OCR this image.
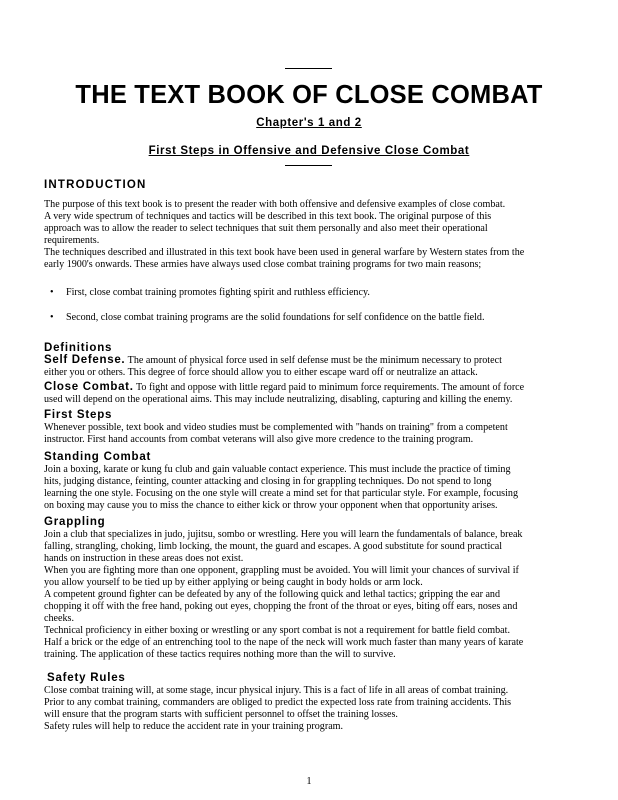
THE TEXT BOOK OF CLOSE COMBAT

Chapter's 1 and 2

First Steps in Offensive and Defensive Close Combat

INTRODUCTION

The purpose of this text book is to present the reader with both offensive and defensive examples of close combat.

A very wide spectrum of techniques and tactics will be described in this text book. The original purpose of this

approach was to allow the reader to select techniques that suit them personally and also meet their operational

requirements.

The techniques described and illustrated in this text book have been used in general warfare by Western states from the

early 1900's onwards. These armies have always used close combat training programs for two main reasons;

• First, close combat training promotes fighting spirit and ruthless efficiency.
• Second, close combat training programs are the solid foundations for self confidence on the battle field.
Definitions

Self Defense. The amount of physical force used in self defense must be the minimum necessary to protect

either you or others. This degree of force should allow you to either escape ward off or neutralize an attack.

Close Combat. To fight and oppose with little regard paid to minimum force requirements. The amount of force

used will depend on the operational aims. This may include neutralizing, disabling, capturing and killing the enemy.

First Steps

Whenever possible, text book and video studies must be complemented with "hands on training" from a competent

instructor. First hand accounts from combat veterans will also give more credence to the training program.

Standing Combat

Join a boxing, karate or kung fu club and gain valuable contact experience. This must include the practice of timing

hits, judging distance, feinting, counter attacking and closing in for grappling techniques. Do not spend to long

learning the one style. Focusing on the one style will create a mind set for that particular style. For example, focusing

on boxing may cause you to miss the chance to either kick or throw your opponent when that opportunity arises.

Grappling

Join a club that specializes in judo, jujitsu, sombo or wrestling. Here you will learn the fundamentals of balance, break

falling, strangling, choking, limb locking, the mount, the guard and escapes. A good substitute for sound practical

hands on instruction in these areas does not exist.

When you are fighting more than one opponent, grappling must be avoided. You will limit your chances of survival if

you allow yourself to be tied up by either applying or being caught in body holds or arm lock.

A competent ground fighter can be defeated by any of the following quick and lethal tactics; gripping the ear and

chopping it off with the free hand, poking out eyes, chopping the front of the throat or eyes, biting off ears, noses and

cheeks.

Technical proficiency in either boxing or wrestling or any sport combat is not a requirement for battle field combat.

Half a brick or the edge of an entrenching tool to the nape of the neck will work much faster than many years of karate

training. The application of these tactics requires nothing more than the will to survive.

Safety Rules

Close combat training will, at some stage, incur physical injury. This is a fact of life in all areas of combat training.

Prior to any combat training, commanders are obliged to predict the expected loss rate from training accidents. This

will ensure that the program starts with sufficient personnel to offset the training losses.

Safety rules will help to reduce the accident rate in your training program.

1
